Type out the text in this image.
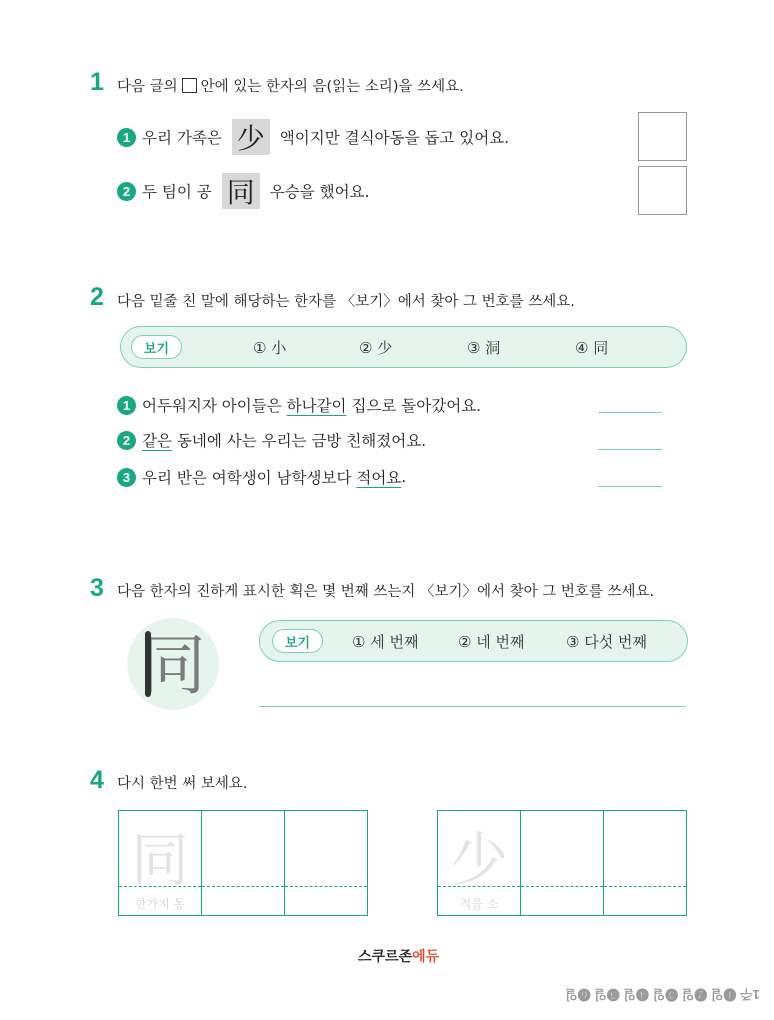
1 다음 글의 안에 있는 한자의 음(읽는 소리)을 쓰세요.
1 우리 가족은 少 액이지만 결식아동을 돕고 있어요.
2 두 팀이 공 同 우승을 했어요.
2 다음 밑줄 친 말에 해당하는 한자를 〈보기〉에서 찾아 그 번호를 쓰세요.
보기	① 小	② 少	③ 洞	④ 同
1 어두워지자 아이들은 하나같이 집으로 돌아갔어요.
2 같은 동네에 사는 우리는 금방 친해졌어요.
3 우리 반은 여학생이 남학생보다 적어요 .
3 다음 한자의 진하게 표시한 획은 몇 번째 쓰는지 〈보기〉에서 찾아 그 번호를 쓰세요.
同	보기	① 세 번째	② 네 번째	③ 다섯 번째
4 다시 한번 써 보세요.
同
한가지 동
少
적을 소
스쿠르존에듀
1주 ❶일 ❷일 ❸일 ❹일 ❺일 ❻일
